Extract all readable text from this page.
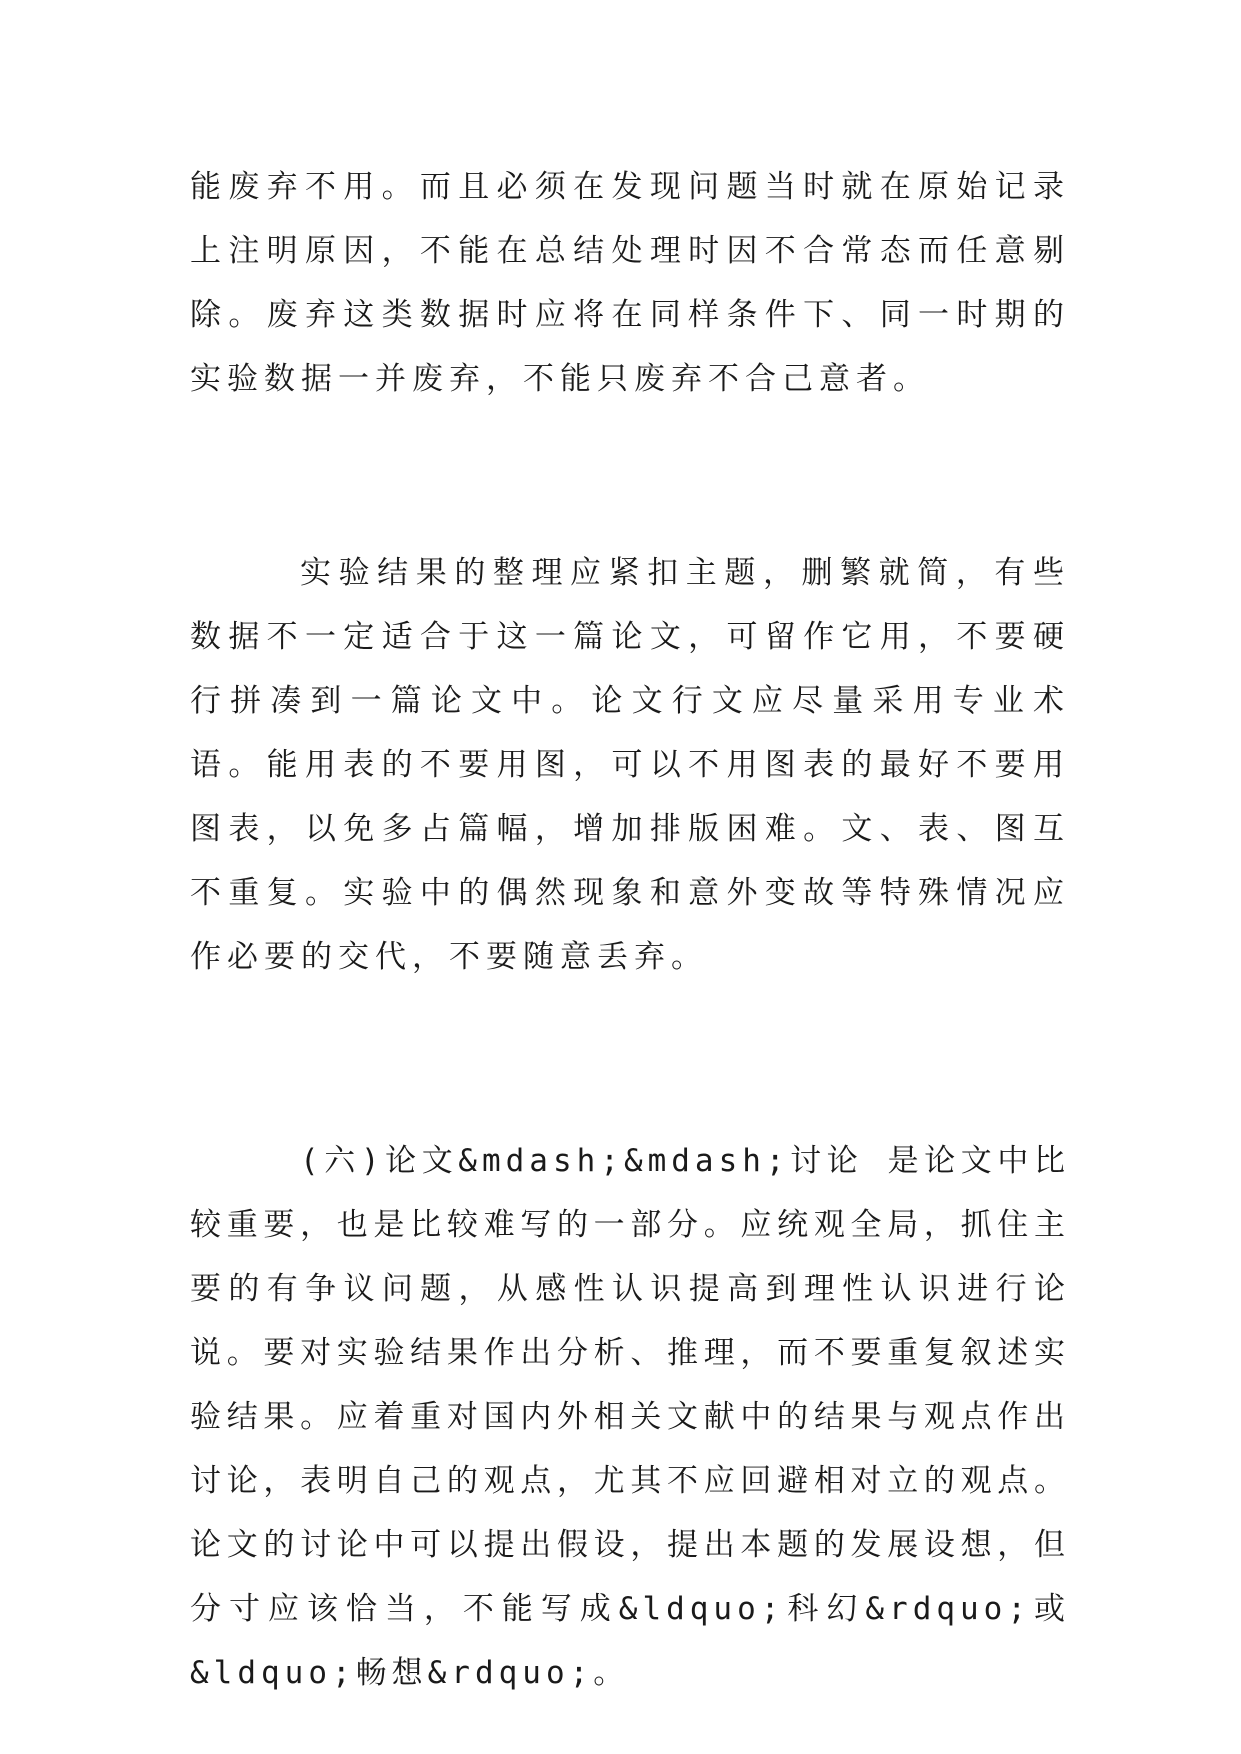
能废弃不用。而且必须在发现问题当时就在原始记录上注明原因，不能在总结处理时因不合常态而任意剔除。废弃这类数据时应将在同样条件下、同一时期的实验数据一并废弃，不能只废弃不合己意者。

实验结果的整理应紧扣主题，删繁就简，有些数据不一定适合于这一篇论文，可留作它用，不要硬行拼凑到一篇论文中。论文行文应尽量采用专业术语。能用表的不要用图，可以不用图表的最好不要用图表，以免多占篇幅，增加排版困难。文、表、图互不重复。实验中的偶然现象和意外变故等特殊情况应作必要的交代，不要随意丢弃。

(六)论文&mdash;&mdash;讨论 是论文中比较重要，也是比较难写的一部分。应统观全局，抓住主要的有争议问题，从感性认识提高到理性认识进行论说。要对实验结果作出分析、推理，而不要重复叙述实验结果。应着重对国内外相关文献中的结果与观点作出讨论，表明自己的观点，尤其不应回避相对立的观点。 论文的讨论中可以提出假设，提出本题的发展设想，但分寸应该恰当，不能写成&ldquo;科幻&rdquo;或&ldquo;畅想&rdquo;。
